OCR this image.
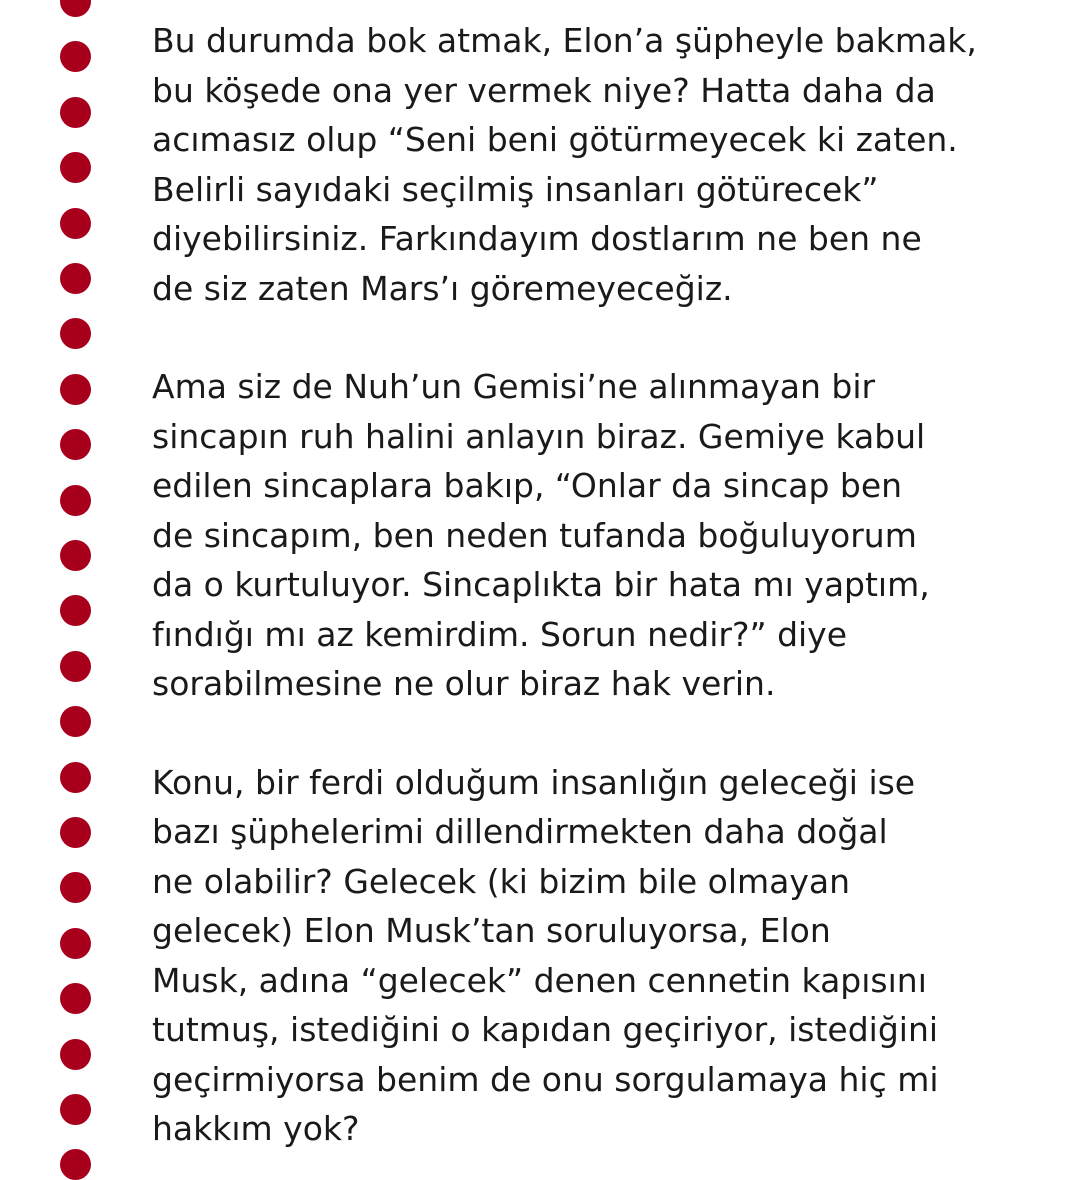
Bu durumda bok atmak, Elon’a şüpheyle bakmak,
bu köşede ona yer vermek niye? Hatta daha da
acımasız olup “Seni beni götürmeyecek ki zaten.
Belirli sayıdaki seçilmiş insanları götürecek”
diyebilirsiniz. Farkındayım dostlarım ne ben ne
de siz zaten Mars’ı göremeyeceğiz.

Ama siz de Nuh’un Gemisi’ne alınmayan bir
sincapın ruh halini anlayın biraz. Gemiye kabul
edilen sincaplara bakıp, “Onlar da sincap ben
de sincapım, ben neden tufanda boğuluyorum
da o kurtuluyor. Sincaplıkta bir hata mı yaptım,
fındığı mı az kemirdim. Sorun nedir?” diye
sorabilmesine ne olur biraz hak verin.

Konu, bir ferdi olduğum insanlığın geleceği ise
bazı şüphelerimi dillendirmekten daha doğal
ne olabilir? Gelecek (ki bizim bile olmayan
gelecek) Elon Musk’tan soruluyorsa, Elon
Musk, adına “gelecek” denen cennetin kapısını
tutmuş, istediğini o kapıdan geçiriyor, istediğini
geçirmiyorsa benim de onu sorgulamaya hiç mi
hakkım yok?
